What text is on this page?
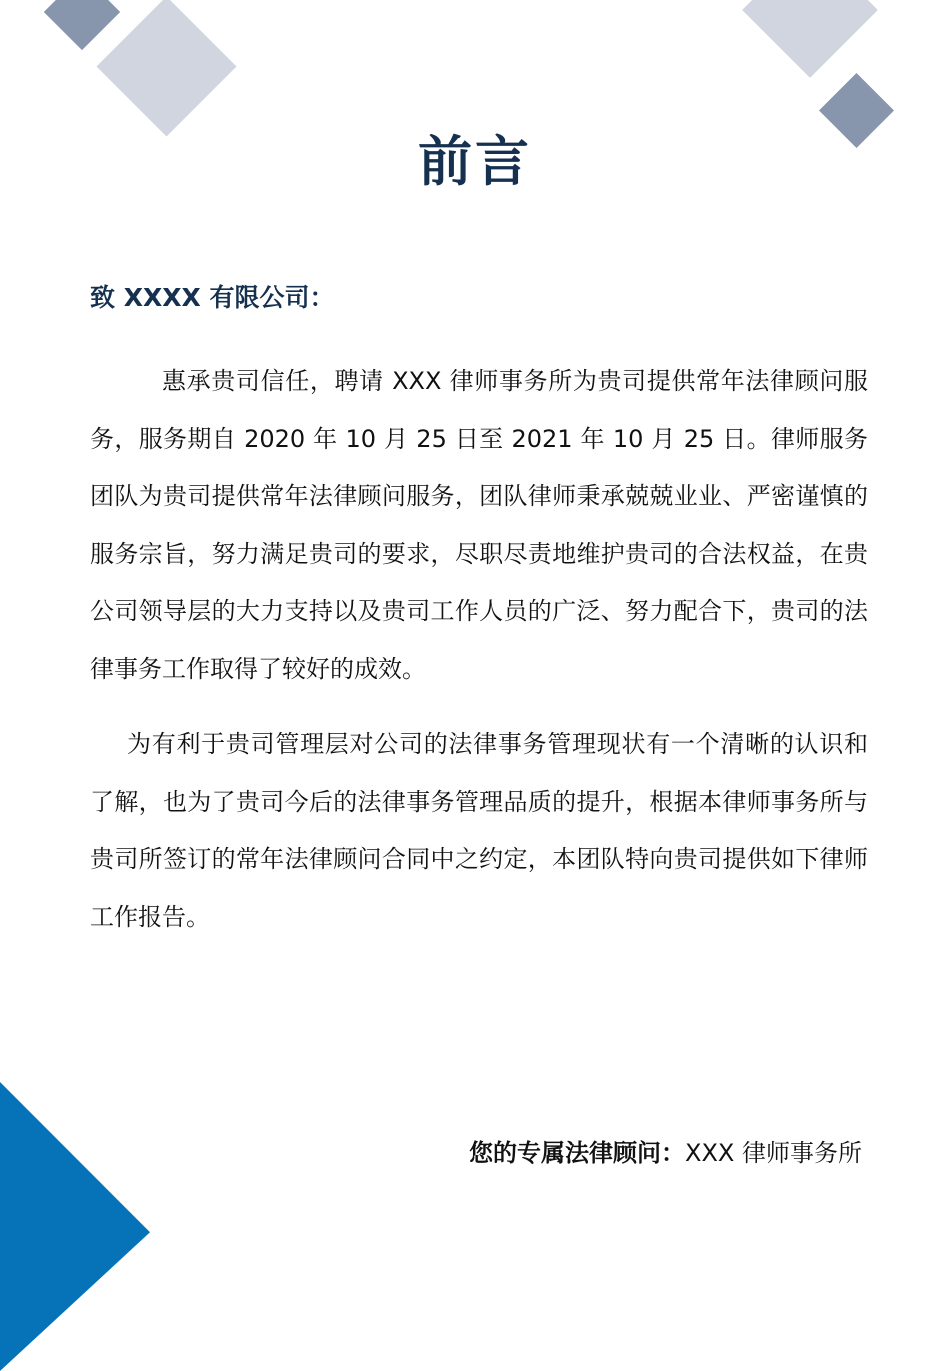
前言
致 XXXX 有限公司：

惠承贵司信任，聘请 XXX 律师事务所为贵司提供常年法律顾问服务，服务期自 2020 年 10 月 25 日至 2021 年 10 月 25 日。律师服务团队为贵司提供常年法律顾问服务，团队律师秉承兢兢业业、严密谨慎的服务宗旨，努力满足贵司的要求，尽职尽责地维护贵司的合法权益，在贵公司领导层的大力支持以及贵司工作人员的广泛、努力配合下，贵司的法律事务工作取得了较好的成效。

为有利于贵司管理层对公司的法律事务管理现状有一个清晰的认识和了解，也为了贵司今后的法律事务管理品质的提升，根据本律师事务所与贵司所签订的常年法律顾问合同中之约定，本团队特向贵司提供如下律师工作报告。

您的专属法律顾问：XXX 律师事务所
